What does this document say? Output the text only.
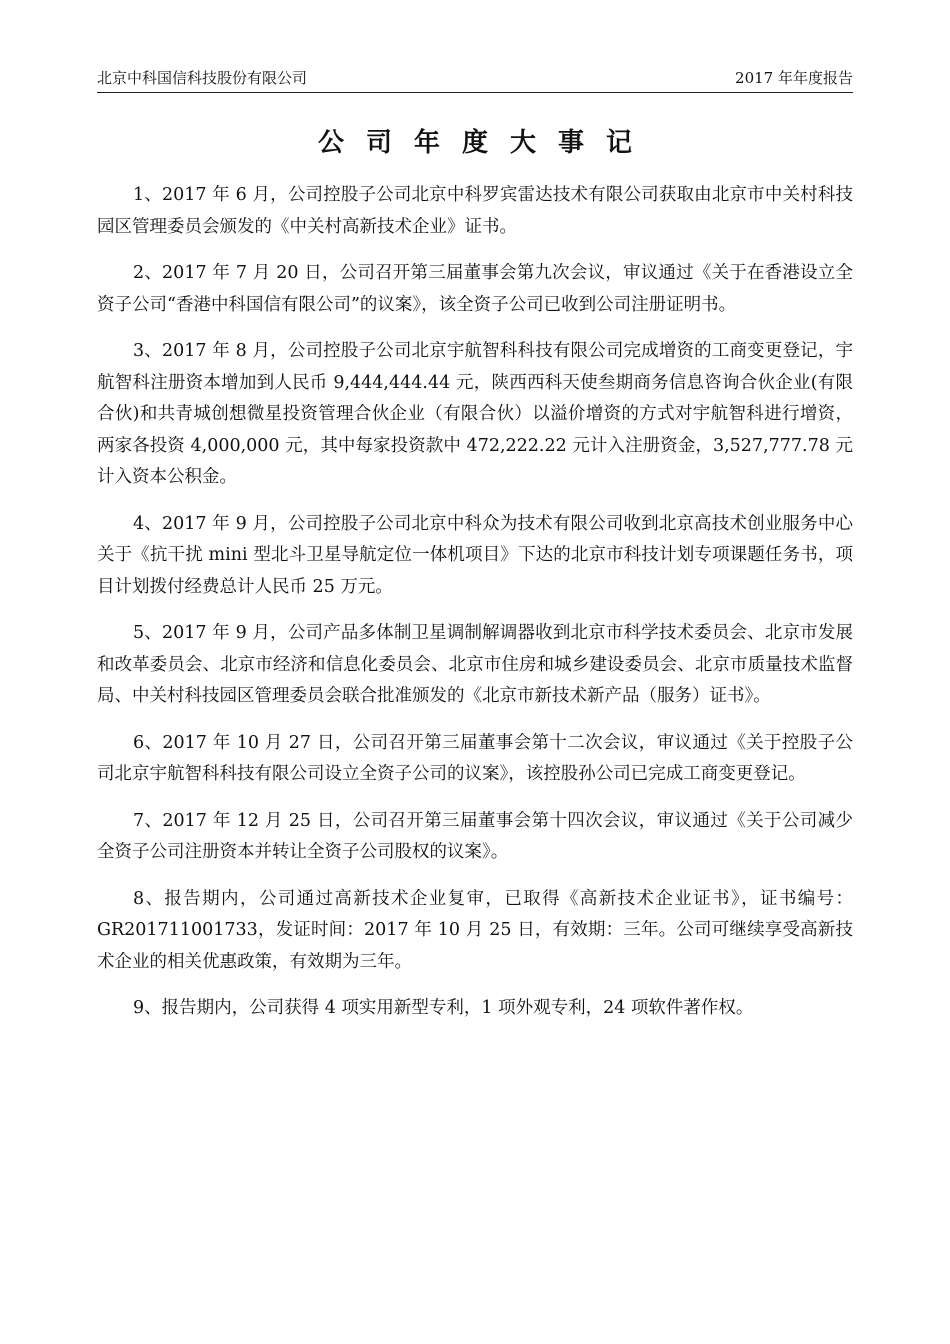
北京中科国信科技股份有限公司	2017 年年度报告
公司年度大事记

1、2017 年 6 月，公司控股子公司北京中科罗宾雷达技术有限公司获取由北京市中关村科技园区管理委员会颁发的《中关村高新技术企业》证书。

2、2017 年 7 月 20 日，公司召开第三届董事会第九次会议，审议通过《关于在香港设立全资子公司“香港中科国信有限公司”的议案》，该全资子公司已收到公司注册证明书。

3、2017 年 8 月，公司控股子公司北京宇航智科科技有限公司完成增资的工商变更登记，宇航智科注册资本增加到人民币 9,444,444.44 元，陕西西科天使叁期商务信息咨询合伙企业(有限合伙)和共青城创想微星投资管理合伙企业（有限合伙）以溢价增资的方式对宇航智科进行增资，两家各投资 4,000,000 元，其中每家投资款中 472,222.22 元计入注册资金，3,527,777.78 元计入资本公积金。

4、2017 年 9 月，公司控股子公司北京中科众为技术有限公司收到北京高技术创业服务中心关于《抗干扰 mini 型北斗卫星导航定位一体机项目》下达的北京市科技计划专项课题任务书，项目计划拨付经费总计人民币 25 万元。

5、2017 年 9 月，公司产品多体制卫星调制解调器收到北京市科学技术委员会、北京市发展和改革委员会、北京市经济和信息化委员会、北京市住房和城乡建设委员会、北京市质量技术监督局、中关村科技园区管理委员会联合批准颁发的《北京市新技术新产品（服务）证书》。

6、2017 年 10 月 27 日，公司召开第三届董事会第十二次会议，审议通过《关于控股子公司北京宇航智科科技有限公司设立全资子公司的议案》，该控股孙公司已完成工商变更登记。

7、2017 年 12 月 25 日，公司召开第三届董事会第十四次会议，审议通过《关于公司减少全资子公司注册资本并转让全资子公司股权的议案》。

8、报告期内，公司通过高新技术企业复审，已取得《高新技术企业证书》，证书编号：GR201711001733，发证时间：2017 年 10 月 25 日，有效期：三年。公司可继续享受高新技术企业的相关优惠政策，有效期为三年。

9、报告期内，公司获得 4 项实用新型专利，1 项外观专利，24 项软件著作权。
